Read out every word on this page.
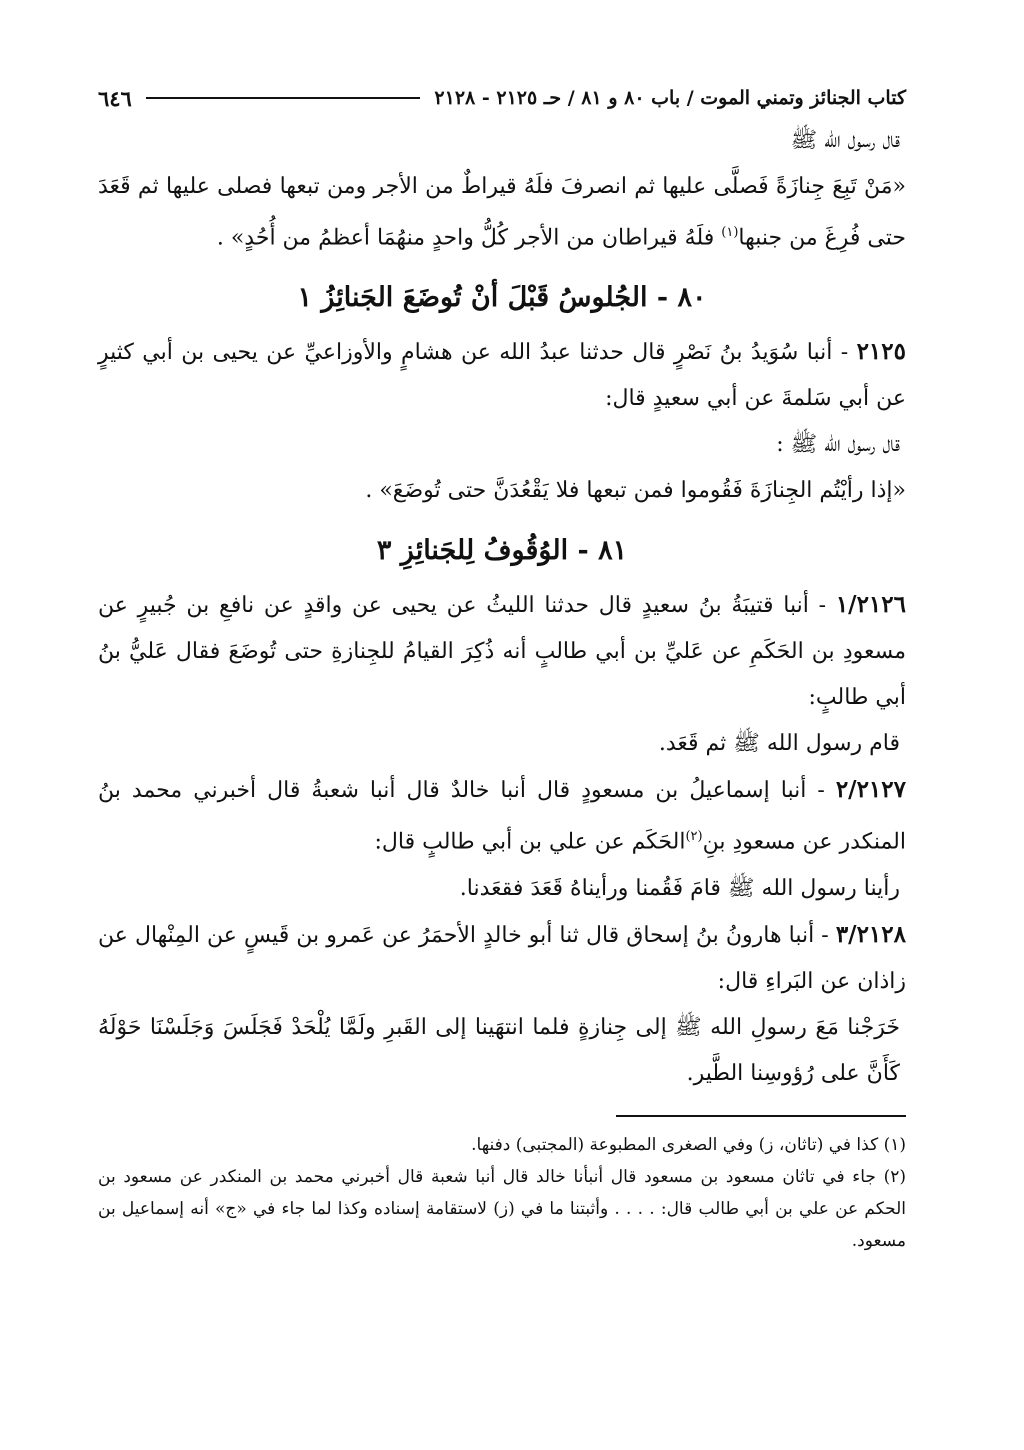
كتاب الجنائز وتمني الموت / باب ٨٠ و ٨١ / حـ ٢١٢٥ - ٢١٢٨
٦٤٦

قال رسول الله ﷺ

«مَنْ تَبِعَ جِنازَةً فَصلَّى عليها ثم انصرفَ فلَهُ قيراطٌ من الأجر ومن تبعها فصلى عليها ثم قَعَدَ حتى فُرِغَ من جنبها$^{(١)}$ فلَهُ قيراطان من الأجر كُلُّ واحدٍ منهُمَا أعظمُ من أُحُدٍ» .

٨٠ - الجُلوسُ قَبْلَ أنْ تُوضَعَ الجَنائِزُ ١

٢١٢٥ - أنبا سُوَيدُ بنُ نَصْرٍ قال حدثنا عبدُ الله عن هشامٍ والأوزاعيِّ عن يحيى بن أبي كثيرٍ عن أبي سَلمةَ عن أبي سعيدٍ قال:

قال رسول الله ﷺ :

«إذا رأيْتُم الجِنازَةَ فَقُوموا فمن تبعها فلا يَقْعُدَنَّ حتى تُوضَعَ» .

٨١ - الوُقُوفُ لِلجَنائِزِ ٣

١/٢١٢٦ - أنبا قتيبَةُ بنُ سعيدٍ قال حدثنا الليثُ عن يحيى عن واقدٍ عن نافعِ بن جُبيرٍ عن مسعودِ بن الحَكَمِ عن عَليِّ بن أبي طالبٍ أنه ذُكِرَ القيامُ للجِنازةِ حتى تُوضَعَ فقال عَليُّ بنُ أبي طالبٍ:

قام رسول الله ﷺ ثم قَعَد.

٢/٢١٢٧ - أنبا إسماعيلُ بن مسعودٍ قال أنبا خالدٌ قال أنبا شعبةُ قال أخبرني محمد بنُ المنكدر عن مسعودِ بنِ$^{(٢)}$الحَكَم عن علي بن أبي طالبٍ قال:

رأينا رسول الله ﷺ قامَ فَقُمنا ورأيناهُ قَعَدَ فقعَدنا.

٣/٢١٢٨ - أنبا هارونُ بنُ إسحاق قال ثنا أبو خالدٍ الأحمَرُ عن عَمرو بن قَيسٍ عن المِنْهال عن زاذان عن البَراءِ قال:

خَرَجْنا مَعَ رسولِ الله ﷺ إلى جِنازةٍ فلما انتهَينا إلى القَبرِ ولَمَّا يُلْحَدْ فَجَلَسَ وَجَلَسْنَا حَوْلَهُ كَأَنَّ على رُؤوسِنا الطَّير.

(١) كذا في (تاثان، ز) وفي الصغرى المطبوعة (المجتبى) دفنها.

(٢) جاء في تاثان مسعود بن مسعود قال أنبأنا خالد قال أنبا شعبة قال أخبرني محمد بن المنكدر عن مسعود بن الحكم عن علي بن أبي طالب قال: . . . . وأثبتنا ما في (ز) لاستقامة إسناده وكذا لما جاء في «ج» أنه إسماعيل بن مسعود.
